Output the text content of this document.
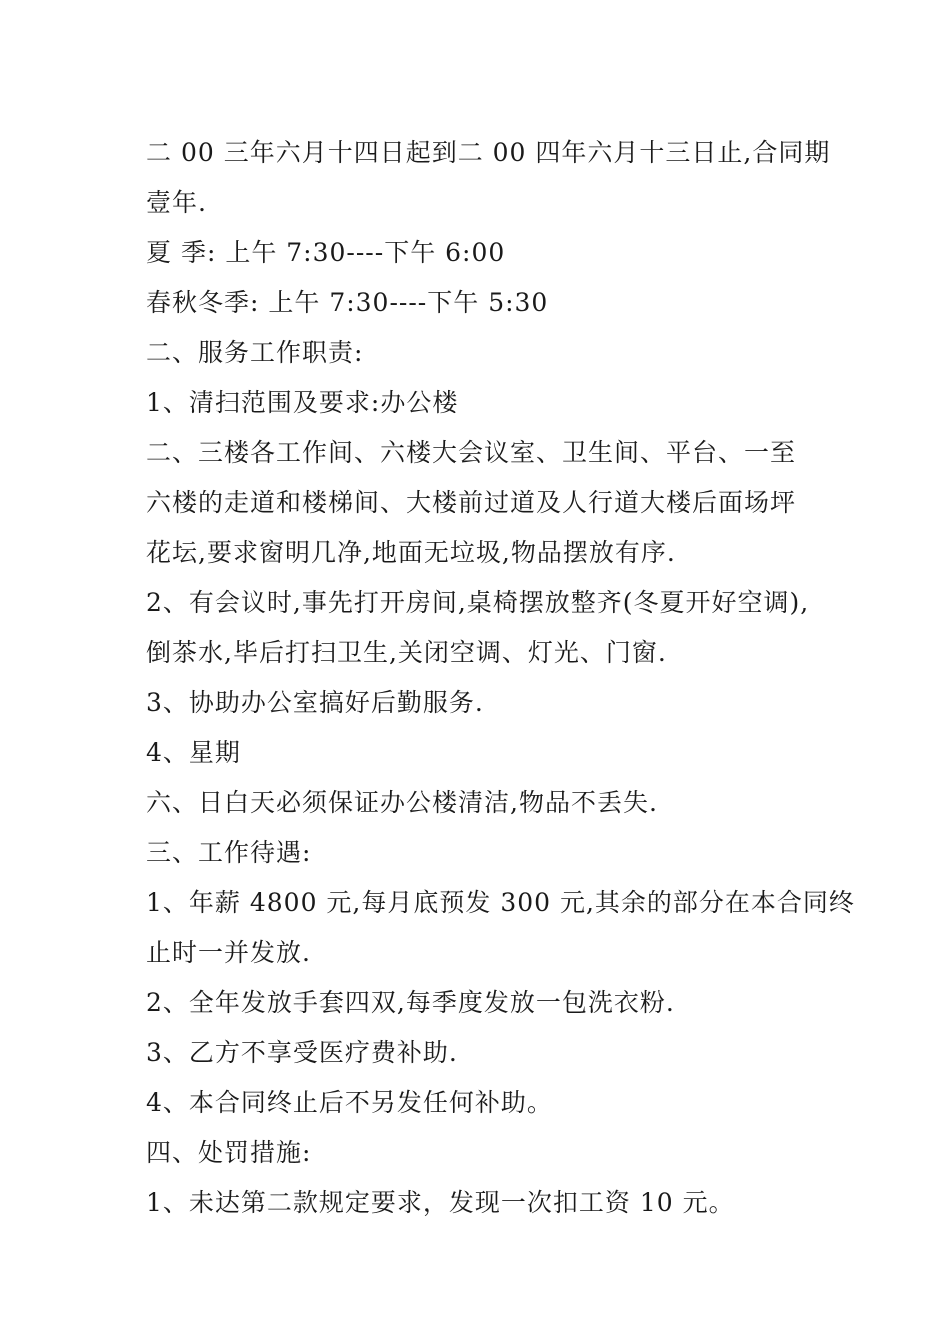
二 00 三年六月十四日起到二 00 四年六月十三日止,合同期
壹年.
夏 季: 上午 7:30----下午 6:00
春秋冬季: 上午 7:30----下午 5:30
二、服务工作职责:
1、清扫范围及要求:办公楼
二、三楼各工作间、六楼大会议室、卫生间、平台、一至
六楼的走道和楼梯间、大楼前过道及人行道大楼后面场坪
花坛,要求窗明几净,地面无垃圾,物品摆放有序.
2、有会议时,事先打开房间,桌椅摆放整齐(冬夏开好空调),
倒茶水,毕后打扫卫生,关闭空调、灯光、门窗.
3、协助办公室搞好后勤服务.
4、星期
六、日白天必须保证办公楼清洁,物品不丢失.
三、工作待遇:
1、年薪 4800 元,每月底预发 300 元,其余的部分在本合同终
止时一并发放.
2、全年发放手套四双,每季度发放一包洗衣粉.
3、乙方不享受医疗费补助.
4、本合同终止后不另发任何补助。
四、处罚措施:
1、未达第二款规定要求，发现一次扣工资 10 元。
